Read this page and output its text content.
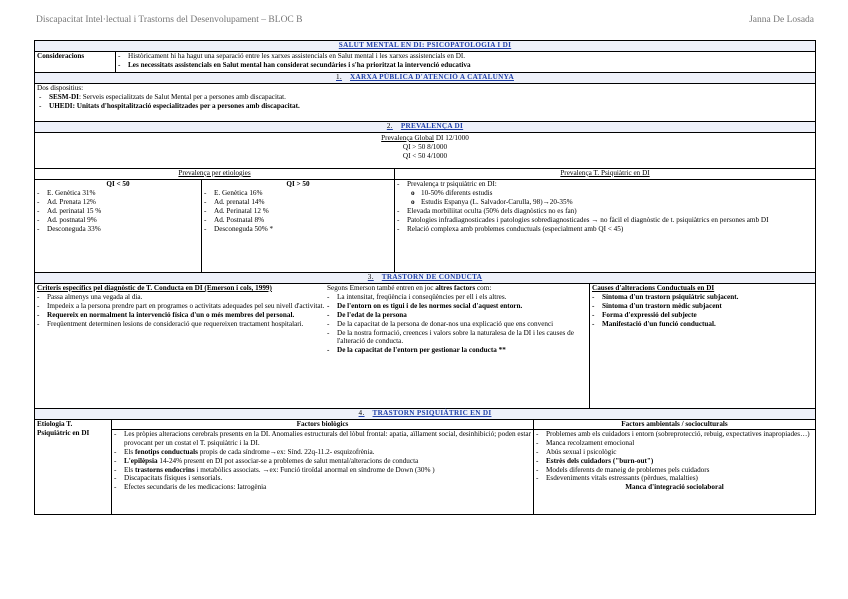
Discapacitat Intel·lectual i Trastorns del Desenvolupament – BLOC B	Janna De Losada
SALUT MENTAL EN DI: PSICOPATOLOGIA I DI
Consideracions
-	Històricament hi ha hagut una separació entre les xarxes assistencials en Salut mental i les xarxes assistencials en DI.
- Les necessitats assistencials en Salut mental han considerat secundàries i s'ha prioritzat la intervenció educativa
1. XARXA PÚBLICA D'ATENCIÓ A CATALUNYA
Dos dispositius:
- SESM-DI: Serveis especialitzats de Salut Mental per a persones amb discapacitat.
- UHEDI: Unitats d'hospitalització especialitzades per a persones amb discapacitat.
2. PREVALENÇA DI
Prevalença Global DI 12/1000
QI > 50 8/1000
QI < 50 4/1000
Prevalença per etiologies	Prevalença T. Psiquiàtric en DI
QI < 50
- E. Genètica 31%
- Ad. Prenata 12%
- Ad. perinatal 15 %
- Ad. postnatal 9%
- Desconeguda 33%
QI > 50
- E. Genètica 16%
- Ad. prenatal 14%
- Ad. Perinatal 12 %
- Ad. Postnatal 8%
- Desconeguda 50% *
- Prevalença tr psiquiàtric en DI:
o 10-50% diferents estudis
o Estudis Espanya (L. Salvador-Carulla, 98)→20-35%
- Elevada morbiliitat oculta (50% dels diagnòstics no es fan)
- Patologies infradiagnosticades i patologies sobrediagnosticades → no fàcil el diagnòstic de t. psiquiàtrics en persones amb DI
- Relació complexa amb problemes conductuals (especialment amb QI < 45)
3. TRASTORN DE CONDUCTA
Criteris específics pel diagnòstic de T. Conducta en DI (Emerson i cols, 1999)
- Passa almenys una vegada al dia.
- Impedeix a la persona prendre part en programes o activitats adequades pel seu nivell d'activitat.
- Requereix en normalment la intervenció física d'un o més membres del personal.
- Freqüentment determinen lesions de consideració que requereixen tractament hospitalari.
Segons Emerson també entren en joc altres factors com:
- La intensitat, freqüència i conseqüències per ell i els altres.
- De l'entorn on es tigui i de les normes social d'aquest entorn.
- De l'edat de la persona
- De la capacitat de la persona de donar-nos una explicació que ens convenci
- De la nostra formació, creences i valors sobre la naturalesa de la DI i les causes de l'alteració de conducta.
- De la capacitat de l'entorn per gestionar la conducta **
Causes d'alteracions Conductuals en DI
- Síntoma d'un trastorn psiquiàtric subjacent.
- Síntoma d'un trastorn mèdic subjacent
- Forma d'expressió del subjecte
- Manifestació d'un funció conductual.
4. TRASTORN PSIQUIÀTRIC EN DI
Etiologia T.
Psiquiàtric en DI
Factors biològics
- Les pròpies alteracions cerebrals presents en la DI. Anomalies estructurals del lòbul frontal: apatia, aïllament social, desinhibició; poden estar provocant per un costat el T. psiquiàtric i la DI.
- Els fenotips conductuals propis de cada síndrome→ex: Sínd. 22q-11.2- esquizofrènia.
- L'epilèpsia 14-24% present en DI pot associar-se a problemes de salut mental/alteracions de conducta
- Els trastorns endocrins i metabòlics associats. →ex: Funció tiroïdal anormal en síndrome de Down (30% )
- Discapacitats físiques i sensorials.
- Efectes secundaris de les medicacions: Iatrogènia
Factors ambientals / socioculturals
- Problemes amb els cuidadors i entorn (sobreprotecció, rebuig, expectatives inapropiades…)
- Manca recolzament emocional
- Abús sexual i psicològic
- Estrès dels cuidadors ("burn-out")
- Models diferents de maneig de problemes pels cuidadors
- Esdeveniments vitals estressants (pèrdues, malalties)
Manca d'integració sociolaboral
